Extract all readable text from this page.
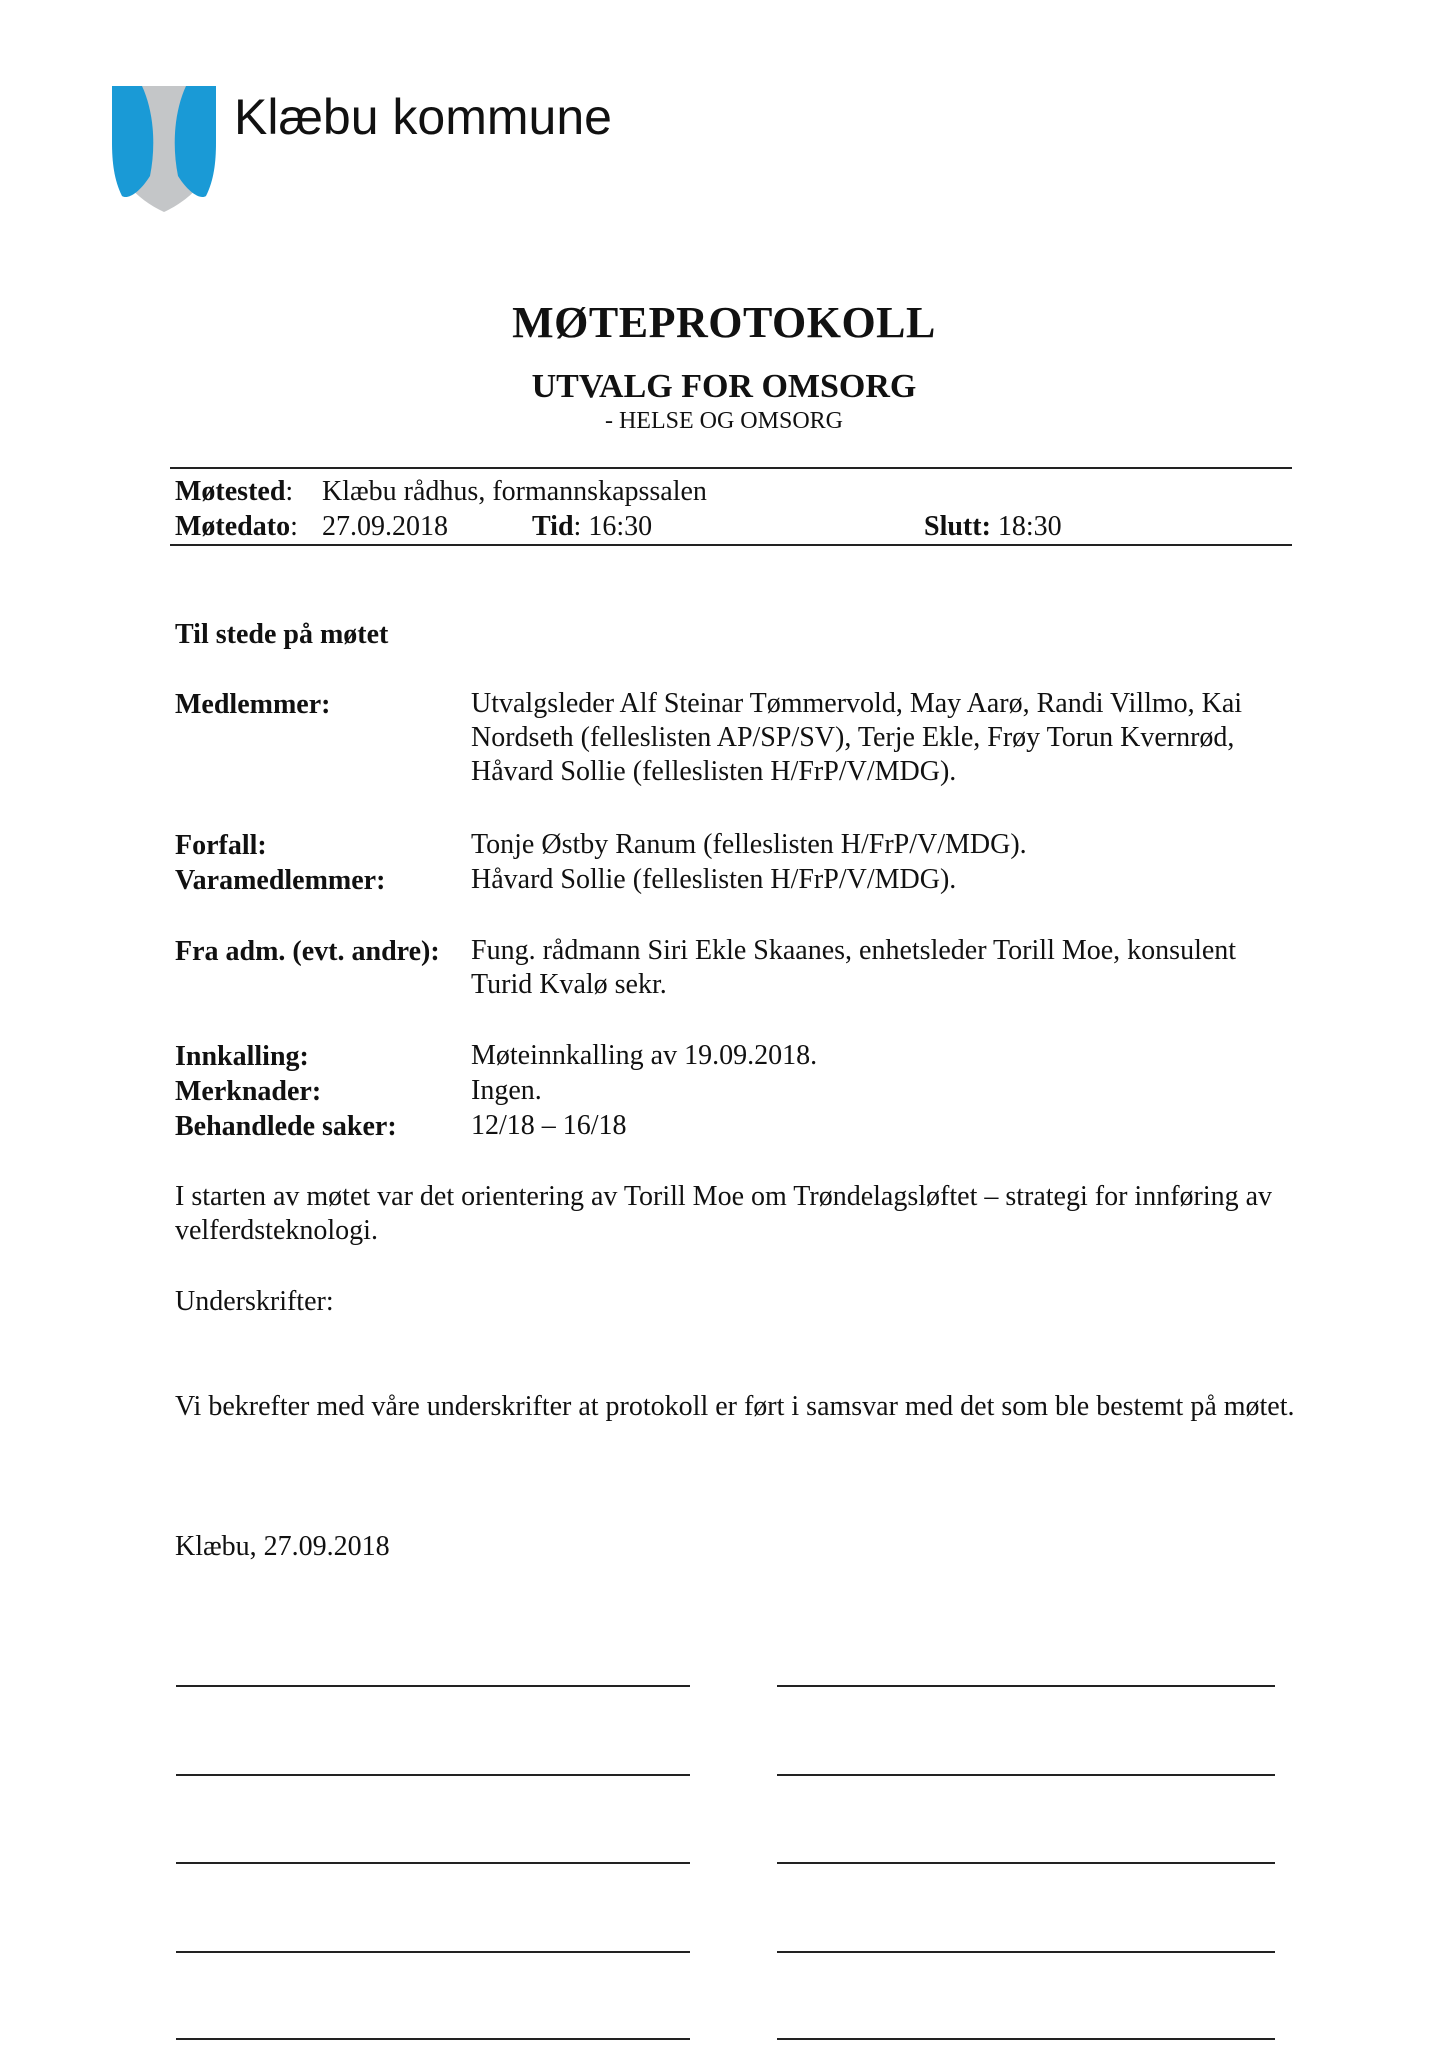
Klæbu kommune
MØTEPROTOKOLL
UTVALG FOR OMSORG
- HELSE OG OMSORG
Møtested: Klæbu rådhus, formannskapssalen
Møtedato: 27.09.2018	Tid: 16:30	Slutt: 18:30
Til stede på møtet
Medlemmer:	Utvalgsleder Alf Steinar Tømmervold, May Aarø, Randi Villmo, Kai Nordseth (felleslisten AP/SP/SV), Terje Ekle, Frøy Torun Kvernrød, Håvard Sollie (felleslisten H/FrP/V/MDG).
Forfall:	Tonje Østby Ranum (felleslisten H/FrP/V/MDG).
Varamedlemmer:	Håvard Sollie (felleslisten H/FrP/V/MDG).
Fra adm. (evt. andre): Fung. rådmann Siri Ekle Skaanes, enhetsleder Torill Moe, konsulent Turid Kvalø sekr.
Innkalling:	Møteinnkalling av 19.09.2018.
Merknader:	Ingen.
Behandlede saker:	12/18 – 16/18
I starten av møtet var det orientering av Torill Moe om Trøndelagsløftet – strategi for innføring av velferdsteknologi.
Underskrifter:
Vi bekrefter med våre underskrifter at protokoll er ført i samsvar med det som ble bestemt på møtet.
Klæbu, 27.09.2018
